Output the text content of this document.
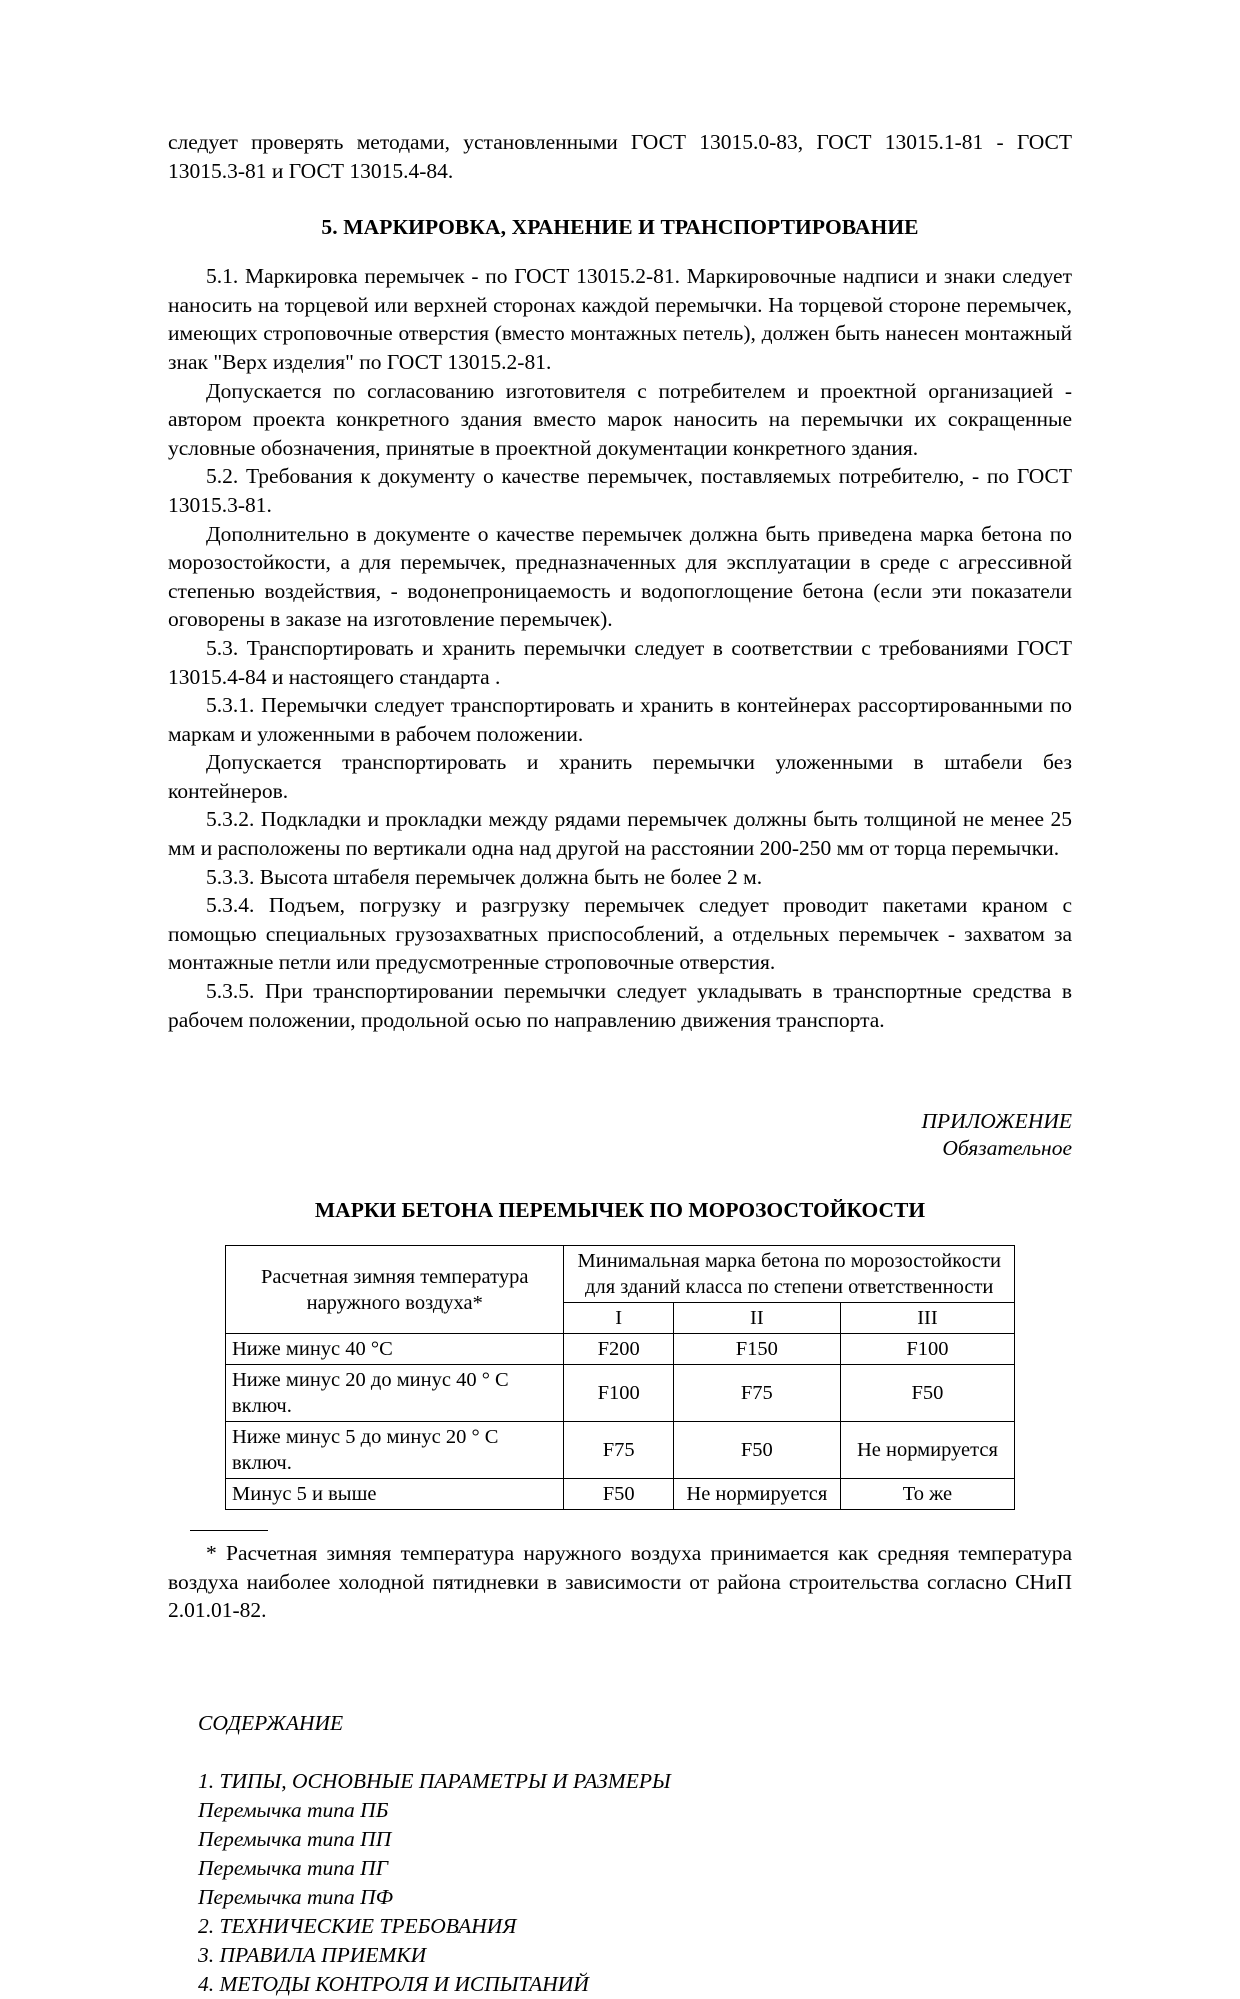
следует проверять методами, установленными ГОСТ 13015.0-83, ГОСТ 13015.1-81 - ГОСТ 13015.3-81 и ГОСТ 13015.4-84.

5. МАРКИРОВКА, ХРАНЕНИЕ И ТРАНСПОРТИРОВАНИЕ

5.1. Маркировка перемычек - по ГОСТ 13015.2-81. Маркировочные надписи и знаки следует наносить на торцевой или верхней сторонах каждой перемычки. На торцевой стороне перемычек, имеющих строповочные отверстия (вместо монтажных петель), должен быть нанесен монтажный знак "Верх изделия" по ГОСТ 13015.2-81.

Допускается по согласованию изготовителя с потребителем и проектной организацией - автором проекта конкретного здания вместо марок наносить на перемычки их сокращенные условные обозначения, принятые в проектной документации конкретного здания.

5.2. Требования к документу о качестве перемычек, поставляемых потребителю, - по ГОСТ 13015.3-81.

Дополнительно в документе о качестве перемычек должна быть приведена марка бетона по морозостойкости, а для перемычек, предназначенных для эксплуатации в среде с агрессивной степенью воздействия, - водонепроницаемость и водопоглощение бетона (если эти показатели оговорены в заказе на изготовление перемычек).

5.3. Транспортировать и хранить перемычки следует в соответствии с требованиями ГОСТ 13015.4-84 и настоящего стандарта .

5.3.1. Перемычки следует транспортировать и хранить в контейнерах рассортированными по маркам и уложенными в рабочем положении.

Допускается транспортировать и хранить перемычки уложенными в штабели без контейнеров.

5.3.2. Подкладки и прокладки между рядами перемычек должны быть толщиной не менее 25 мм и расположены по вертикали одна над другой на расстоянии 200-250 мм от торца перемычки.

5.3.3. Высота штабеля перемычек должна быть не более 2 м.

5.3.4. Подъем, погрузку и разгрузку перемычек следует проводит пакетами краном с помощью специальных грузозахватных приспособлений, а отдельных перемычек - захватом за монтажные петли или предусмотренные строповочные отверстия.

5.3.5. При транспортировании перемычки следует укладывать в транспортные средства в рабочем положении, продольной осью по направлению движения транспорта.

ПРИЛОЖЕНИЕ
Обязательное
МАРКИ БЕТОНА ПЕРЕМЫЧЕК ПО МОРОЗОСТОЙКОСТИ
Расчетная зимняя температура наружного воздуха*	Минимальная марка бетона по морозостойкости
для зданий класса по степени ответственности		
	I	II	III
Ниже минус 40 °С	F200	F150	F100
Ниже минус 20 до минус 40 ° С включ.	F100	F75	F50
Ниже минус 5 до минус 20 ° С включ.	F75	F50	Не нормируется
Минус 5 и выше	F50	Не нормируется	То же

* Расчетная зимняя температура наружного воздуха принимается как средняя температура воздуха наиболее холодной пятидневки в зависимости от района строительства согласно СНиП 2.01.01-82.

СОДЕРЖАНИЕ
1. ТИПЫ, ОСНОВНЫЕ ПАРАМЕТРЫ И РАЗМЕРЫ
Перемычка типа ПБ
Перемычка типа ПП
Перемычка типа ПГ
Перемычка типа ПФ
2. ТЕХНИЧЕСКИЕ ТРЕБОВАНИЯ
3. ПРАВИЛА ПРИЕМКИ
4. МЕТОДЫ КОНТРОЛЯ И ИСПЫТАНИЙ
